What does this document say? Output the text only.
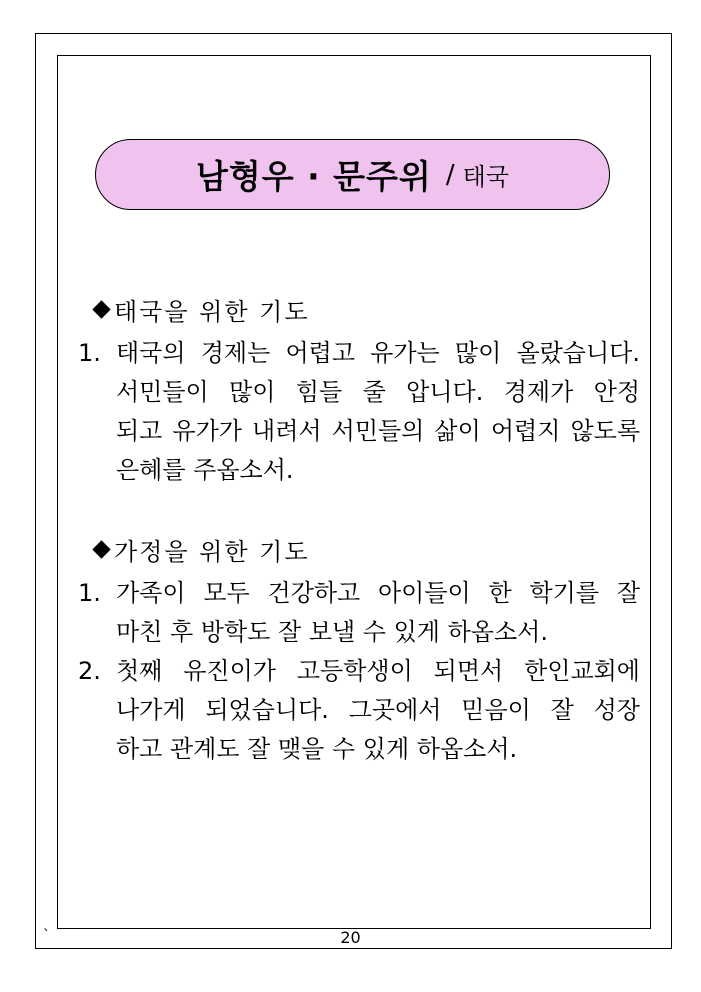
남형우 · 문주위 / 태국
태국을 위한 기도
1. 태국의 경제는 어렵고 유가는 많이 올랐습니다.
서민들이 많이 힘들 줄 압니다. 경제가 안정
되고 유가가 내려서 서민들의 삶이 어렵지 않도록
은혜를 주옵소서.
가정을 위한 기도
1. 가족이 모두 건강하고 아이들이 한 학기를 잘
마친 후 방학도 잘 보낼 수 있게 하옵소서.
2. 첫째 유진이가 고등학생이 되면서 한인교회에
나가게 되었습니다. 그곳에서 믿음이 잘 성장
하고 관계도 잘 맺을 수 있게 하옵소서.
`	20
